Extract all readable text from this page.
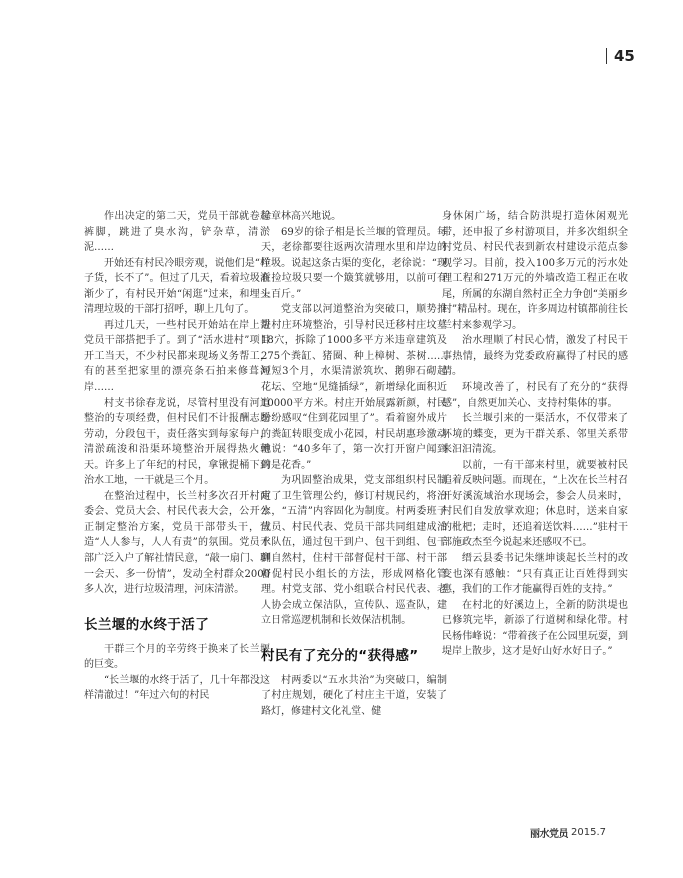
45

作出决定的第二天，党员干部就卷起裤脚，跳进了臭水沟，铲杂草，清淤泥……

开始还有村民冷眼旁观，说他们是“样子货，长不了”。但过了几天，看着垃圾渐渐少了，有村民开始“闲逛”过来，和埋头清理垃圾的干部打招呼，聊上几句了。

再过几天，一些村民开始站在岸上帮党员干部搭把手了。到了“活水进村”项目开工当天，不少村民都来现场义务帮工，有的甚至把家里的漂亮条石拍来修葺河岸……

村支书徐春龙说，尽管村里没有河道整治的专项经费，但村民们不计报酬志愿劳动，分段包干，责任落实到每家每户，清淤疏浚和沿渠环境整治开展得热火朝天。许多上了年纪的村民，拿锹提桶下到治水工地，一干就是三个月。

在整治过程中，长兰村多次召开村两委会、党员大会、村民代表大会，公开公正制定整治方案，党员干部带头干，营造“人人参与，人人有责”的氛围。党员干部广泛入户了解社情民意，“敲一扇门、聊一会天、多一份情”，发动全村群众2000多人次，进行垃圾清理，河床清淤。

长兰堰的水终于活了

干群三个月的辛劳终于换来了长兰堰的巨变。

“长兰堰的水终于活了，几十年都没这样清澈过！”年过六旬的村民

徐章林高兴地说。

69岁的徐子相是长兰堰的管理员。每天，老徐都要往返两次清理水里和岸边的垃圾。说起这条古渠的变化，老徐说：“现在捡垃圾只要一个簸箕就够用，以前可有上百斤。”

党支部以河道整治为突破口，顺势推进村庄环境整治，引导村民迁移村庄坟墓18穴，拆除了1000多平方米违章建筑及275个粪缸、猪圈、种上樟树、茶树……短短3个月，水渠清淤筑坎、鹅卵石砌起花坛、空地“见缝插绿”，新增绿化面积近10000平方米。村庄开始展露新颜，村民纷纷感叹“住到花园里了”。看着窗外成片的粪缸转眼变成小花园，村民胡惠珍激动地说：“40多年了，第一次打开窗户闻到的是花香。”

为巩固整治成果，党支部组织村民制定了卫生管理公约，修订村规民约，将治水，“五清”内容固化为制度。村两委班子成员、村民代表、党员干部共同组建成治水队伍，通过包干到户、包干到组、包干到自然村，住村干部督促村干部、村干部督促村民小组长的方法，形成网格化管理。村党支部、党小组联合村民代表、老人协会成立保洁队，宣传队、巡查队，建立日常巡逻机制和长效保洁机制。

村民有了充分的“获得感”

村两委以“五水共治”为突破口，编制了村庄规划，硬化了村庄主干道，安装了路灯，修建村文化礼堂、健

身休闲广场，结合防洪堤打造休闲观光带，还申报了乡村游项目，并多次组织全村党员、村民代表到新农村建设示范点参观学习。目前，投入100多万元的污水处理工程和271万元的外墙改造工程正在收尾，所属的东湖自然村正全力争创“美丽乡村”精品村。现在，许多周边村镇都前往长兰村来参观学习。

治水理顺了村民心情，激发了村民干事热情，最终为党委政府赢得了村民的感情。

环境改善了，村民有了充分的“获得感”，自然更加关心、支持村集体的事。

长兰堰引来的一渠活水，不仅带来了环境的蝶变，更为干群关系、邻里关系带来汩汩清流。

以前，一有干部来村里，就要被村民追着反映问题。而现在，“上次在长兰村召开好溪流域治水现场会，参会人员来时，村民们自发放掌欢迎；休息时，送来自家的枇杷；走时，还追着送饮料……”驻村干部施政杰至今说起来还感叹不已。

缙云县委书记朱继坤谈起长兰村的改变也深有感触：“只有真正让百姓得到实惠，我们的工作才能赢得百姓的支持。”

在村北的好溪边上，全新的防洪堤也已修筑完毕，新添了行道树和绿化带。村民杨伟峰说：“带着孩子在公园里玩耍，到堤岸上散步，这才是好山好水好日子。”

丽水党员 2015.7
